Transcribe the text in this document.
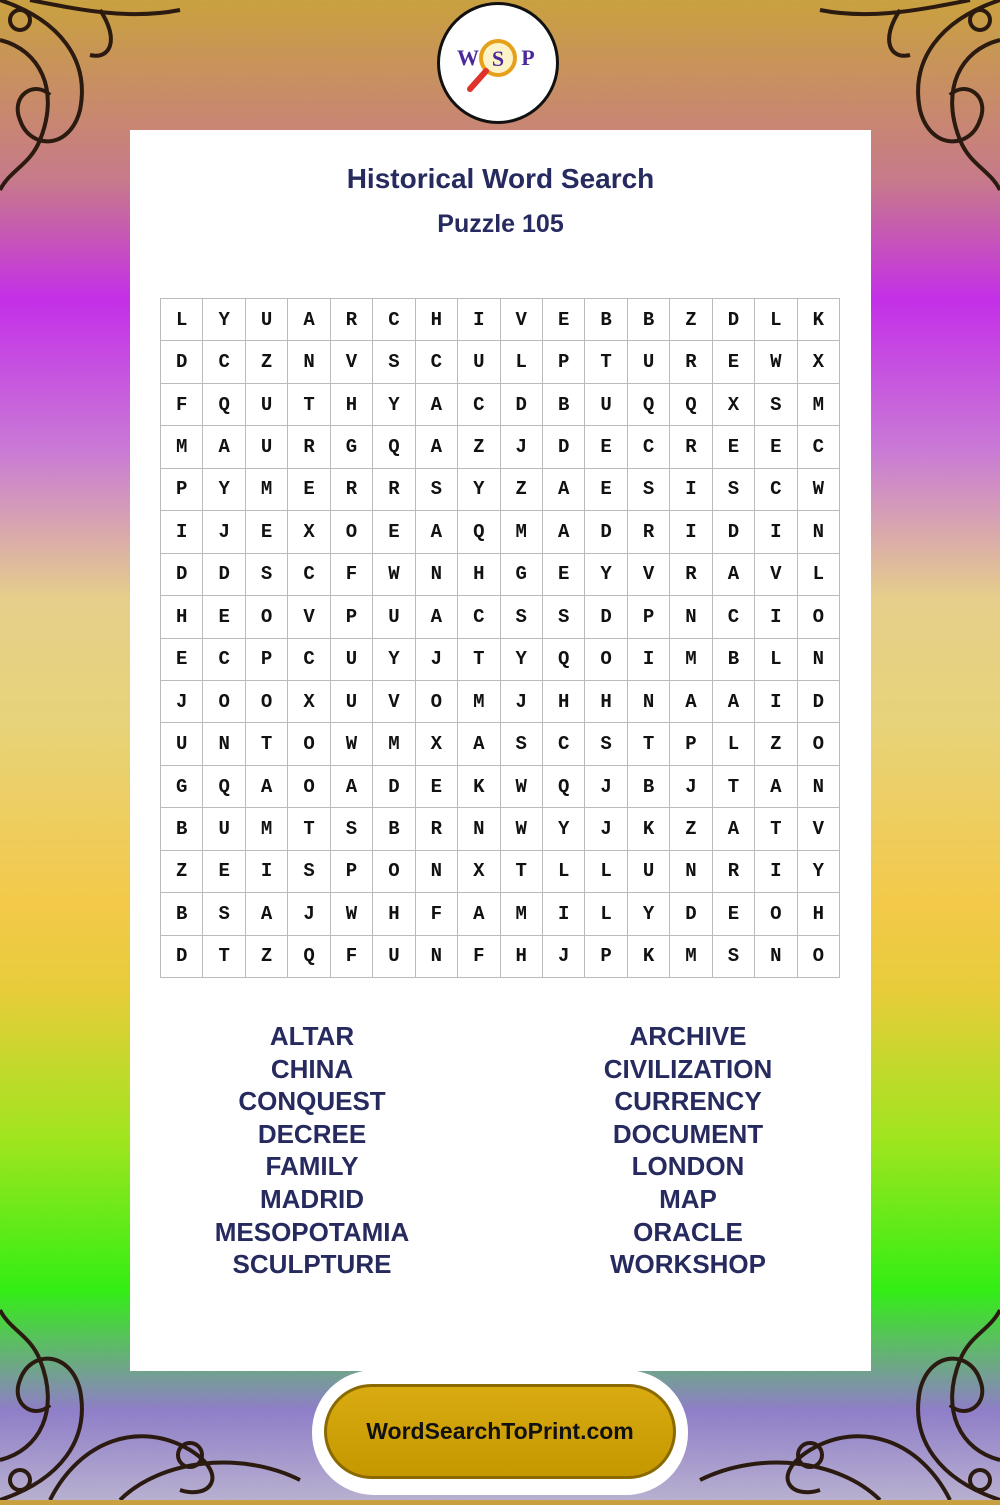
W S P
Historical Word Search
Puzzle 105
L	Y	U	A	R	C	H	I	V	E	B	B	Z	D	L	K
D	C	Z	N	V	S	C	U	L	P	T	U	R	E	W	X
F	Q	U	T	H	Y	A	C	D	B	U	Q	Q	X	S	M
M	A	U	R	G	Q	A	Z	J	D	E	C	R	E	E	C
P	Y	M	E	R	R	S	Y	Z	A	E	S	I	S	C	W
I	J	E	X	O	E	A	Q	M	A	D	R	I	D	I	N
D	D	S	C	F	W	N	H	G	E	Y	V	R	A	V	L
H	E	O	V	P	U	A	C	S	S	D	P	N	C	I	O
E	C	P	C	U	Y	J	T	Y	Q	O	I	M	B	L	N
J	O	O	X	U	V	O	M	J	H	H	N	A	A	I	D
U	N	T	O	W	M	X	A	S	C	S	T	P	L	Z	O
G	Q	A	O	A	D	E	K	W	Q	J	B	J	T	A	N
B	U	M	T	S	B	R	N	W	Y	J	K	Z	A	T	V
Z	E	I	S	P	O	N	X	T	L	L	U	N	R	I	Y
B	S	A	J	W	H	F	A	M	I	L	Y	D	E	O	H
D	T	Z	Q	F	U	N	F	H	J	P	K	M	S	N	O
ALTAR
CHINA
CONQUEST
DECREE
FAMILY
MADRID
MESOPOTAMIA
SCULPTURE
ARCHIVE
CIVILIZATION
CURRENCY
DOCUMENT
LONDON
MAP
ORACLE
WORKSHOP
WordSearchToPrint.com
